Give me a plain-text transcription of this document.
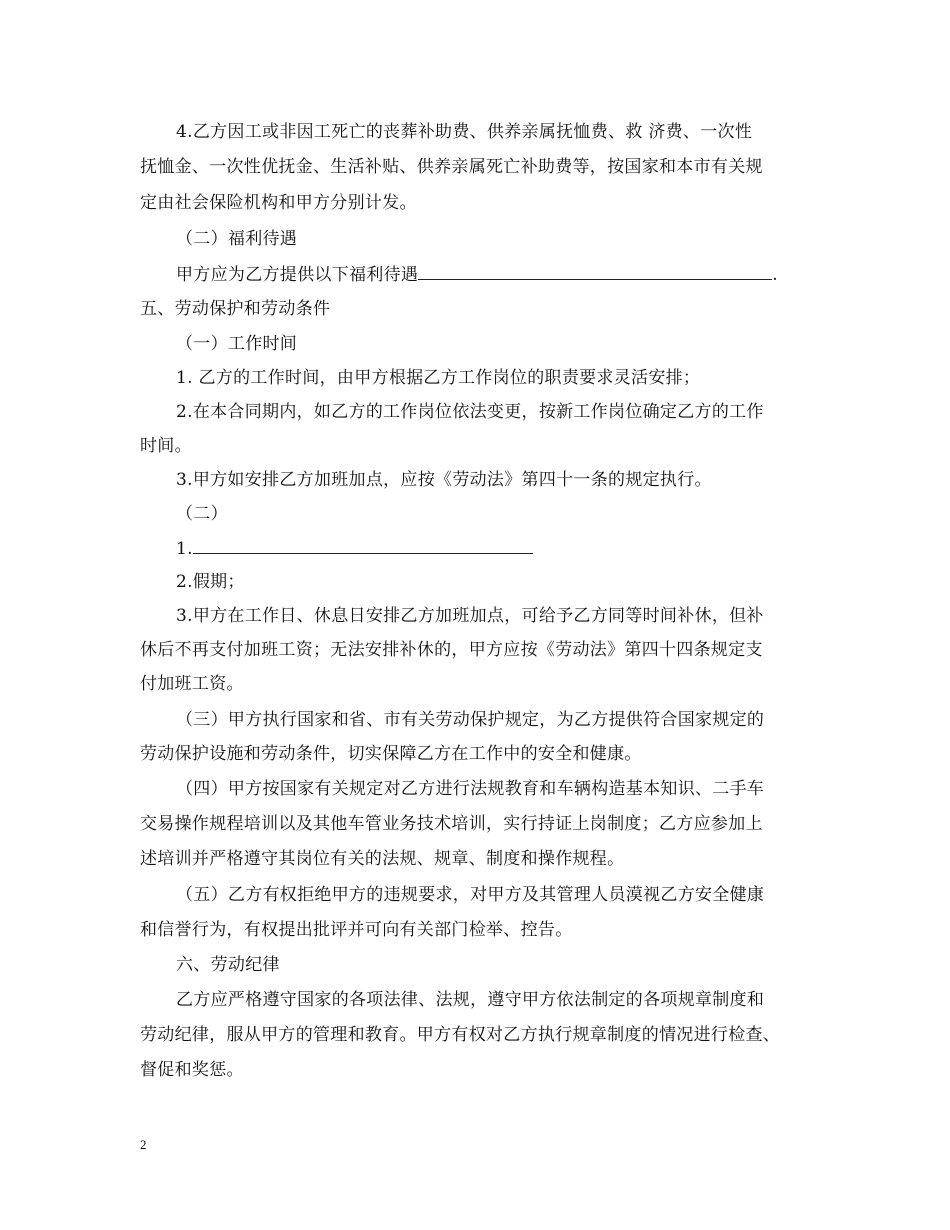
4.乙方因工或非因工死亡的丧葬补助费、供养亲属抚恤费、救 济费、一次性
抚恤金、一次性优抚金、生活补贴、供养亲属死亡补助费等，按国家和本市有关规
定由社会保险机构和甲方分别计发。
（二）福利待遇
甲方应为乙方提供以下福利待遇	.
五、劳动保护和劳动条件
（一）工作时间
1. 乙方的工作时间，由甲方根据乙方工作岗位的职责要求灵活安排；
2.在本合同期内，如乙方的工作岗位依法变更，按新工作岗位确定乙方的工作
时间。
3.甲方如安排乙方加班加点，应按《劳动法》第四十一条的规定执行。
（二）
1.
2.假期；
3.甲方在工作日、休息日安排乙方加班加点，可给予乙方同等时间补休，但补
休后不再支付加班工资；无法安排补休的，甲方应按《劳动法》第四十四条规定支
付加班工资。
（三）甲方执行国家和省、市有关劳动保护规定，为乙方提供符合国家规定的
劳动保护设施和劳动条件，切实保障乙方在工作中的安全和健康。
（四）甲方按国家有关规定对乙方进行法规教育和车辆构造基本知识、二手车
交易操作规程培训以及其他车管业务技术培训，实行持证上岗制度；乙方应参加上
述培训并严格遵守其岗位有关的法规、规章、制度和操作规程。
（五）乙方有权拒绝甲方的违规要求，对甲方及其管理人员漠视乙方安全健康
和信誉行为，有权提出批评并可向有关部门检举、控告。
六、劳动纪律
乙方应严格遵守国家的各项法律、法规，遵守甲方依法制定的各项规章制度和
劳动纪律，服从甲方的管理和教育。甲方有权对乙方执行规章制度的情况进行检查、
督促和奖惩。
2
